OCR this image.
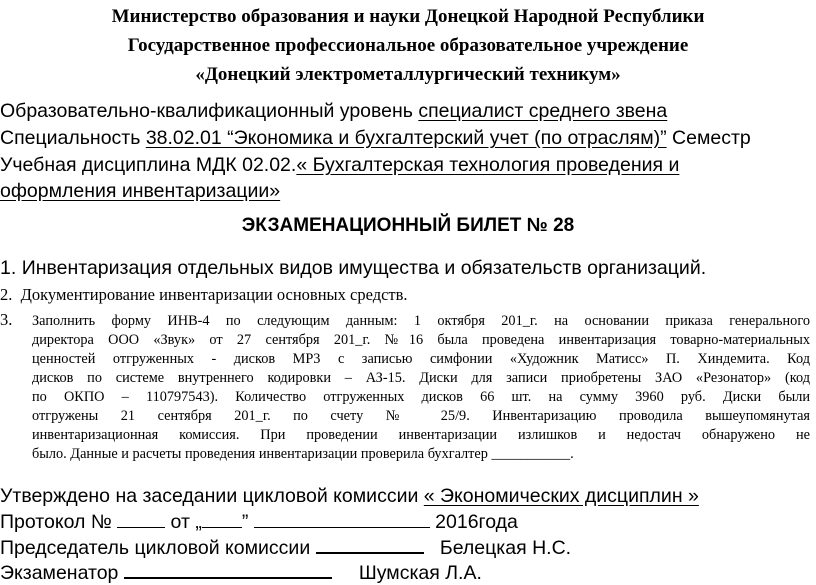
Министерство образования и науки Донецкой Народной Республики
Государственное профессиональное образовательное учреждение
«Донецкий электрометаллургический техникум»
Образовательно-квалификационный уровень специалист среднего звена
Специальность 38.02.01 “Экономика и бухгалтерский учет (по отраслям)” Семестр
Учебная дисциплина МДК 02.02.« Бухгалтерская технология проведения и
оформления инвентаризации»
ЭКЗАМЕНАЦИОННЫЙ БИЛЕТ № 28
1. Инвентаризация отдельных видов имущества и обязательств организаций.
2. Документирование инвентаризации основных средств.
3. Заполнить форму ИНВ-4 по следующим данным: 1 октября 201_г. на основании приказа генерального
директора ООО «Звук» от 27 сентября 201_г. №16 была проведена инвентаризация товарно-материальных
ценностей отгруженных - дисков МР3 с записью симфонии «Художник Матисс» П. Хиндемита. Код
дисков по системе внутреннего кодировки – АЗ-15. Диски для записи приобретены ЗАО «Резонатор» (код
по ОКПО – 110797543). Количество отгруженных дисков 66 шт. на сумму 3960 руб. Диски были
отгружены 21 сентября 201_г. по счету № 25/9. Инвентаризацию проводила вышеупомянутая
инвентаризационная комиссия. При проведении инвентаризации излишков и недостач обнаружено не
было. Данные и расчеты проведения инвентаризации проверила бухгалтер ___________.
Утверждено на заседании цикловой комиссии « Экономических дисциплин »
Протокол №  от „ ”	2016года
Председатель цикловой комиссии	Белецкая Н.С.
Экзаменатор	Шумская Л.А.
